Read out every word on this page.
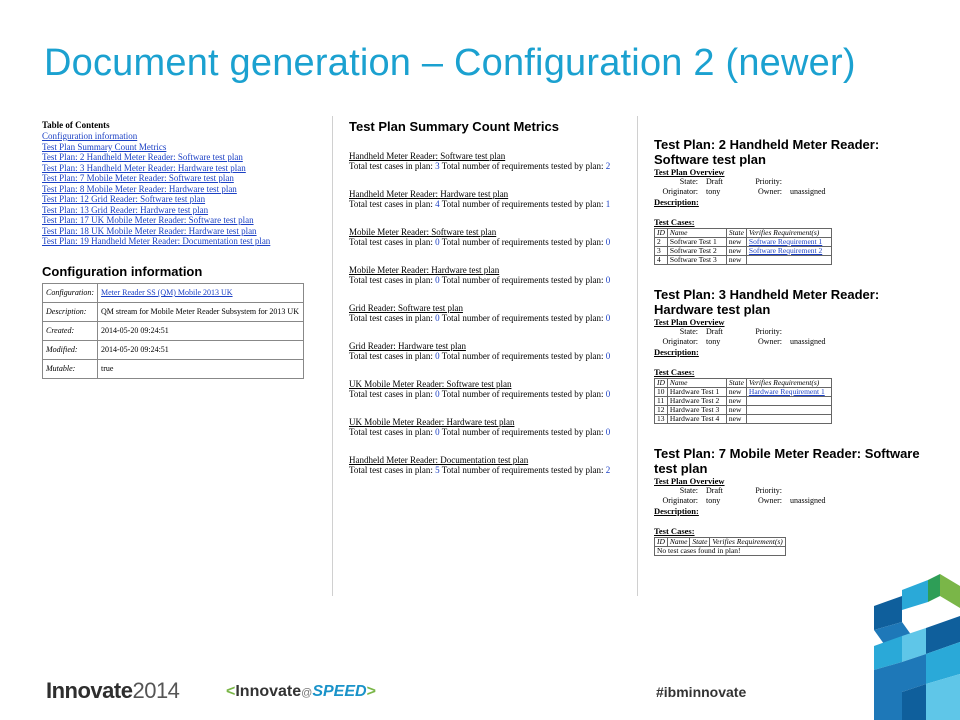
Document generation – Configuration 2 (newer)
Table of Contents
Configuration information
Test Plan Summary Count Metrics
Test Plan: 2 Handheld Meter Reader: Software test plan
Test Plan: 3 Handheld Meter Reader: Hardware test plan
Test Plan: 7 Mobile Meter Reader: Software test plan
Test Plan: 8 Mobile Meter Reader: Hardware test plan
Test Plan: 12 Grid Reader: Software test plan
Test Plan: 13 Grid Reader: Hardware test plan
Test Plan: 17 UK Mobile Meter Reader: Software test plan
Test Plan: 18 UK Mobile Meter Reader: Hardware test plan
Test Plan: 19 Handheld Meter Reader: Documentation test plan
Configuration information
Configuration:	Meter Reader SS (QM) Mobile 2013 UK
Description:	QM stream for Mobile Meter Reader Subsystem for 2013 UK
Created:	2014-05-20 09:24:51
Modified:	2014-05-20 09:24:51
Mutable:	true
Test Plan Summary Count Metrics
Handheld Meter Reader: Software test plan
Total test cases in plan: 3 Total number of requirements tested by plan: 2
Handheld Meter Reader: Hardware test plan
Total test cases in plan: 4 Total number of requirements tested by plan: 1
Mobile Meter Reader: Software test plan
Total test cases in plan: 0 Total number of requirements tested by plan: 0
Mobile Meter Reader: Hardware test plan
Total test cases in plan: 0 Total number of requirements tested by plan: 0
Grid Reader: Software test plan
Total test cases in plan: 0 Total number of requirements tested by plan: 0
Grid Reader: Hardware test plan
Total test cases in plan: 0 Total number of requirements tested by plan: 0
UK Mobile Meter Reader: Software test plan
Total test cases in plan: 0 Total number of requirements tested by plan: 0
UK Mobile Meter Reader: Hardware test plan
Total test cases in plan: 0 Total number of requirements tested by plan: 0
Handheld Meter Reader: Documentation test plan
Total test cases in plan: 5 Total number of requirements tested by plan: 2
Test Plan: 2 Handheld Meter Reader: Software test plan
Test Plan Overview
State: Draft	Priority:
Originator: tony	Owner: unassigned
Description:
Test Cases:
ID	Name	State	Verifies Requirement(s)
2	Software Test 1	new	Software Requirement 1
3	Software Test 2	new	Software Requirement 2
4	Software Test 3	new	
Test Plan: 3 Handheld Meter Reader: Hardware test plan
Test Plan Overview
State: Draft	Priority:
Originator: tony	Owner: unassigned
Description:
Test Cases:
ID	Name	State	Verifies Requirement(s)
10	Hardware Test 1	new	Hardware Requirement 1
11	Hardware Test 2	new	
12	Hardware Test 3	new	
13	Hardware Test 4	new	
Test Plan: 7 Mobile Meter Reader: Software test plan
Test Plan Overview
State: Draft	Priority:
Originator: tony	Owner: unassigned
Description:
Test Cases:
ID	Name	State	Verifies Requirement(s)
No test cases found in plan!
Innovate2014	<Innovate@SPEED>	#ibminnovate
